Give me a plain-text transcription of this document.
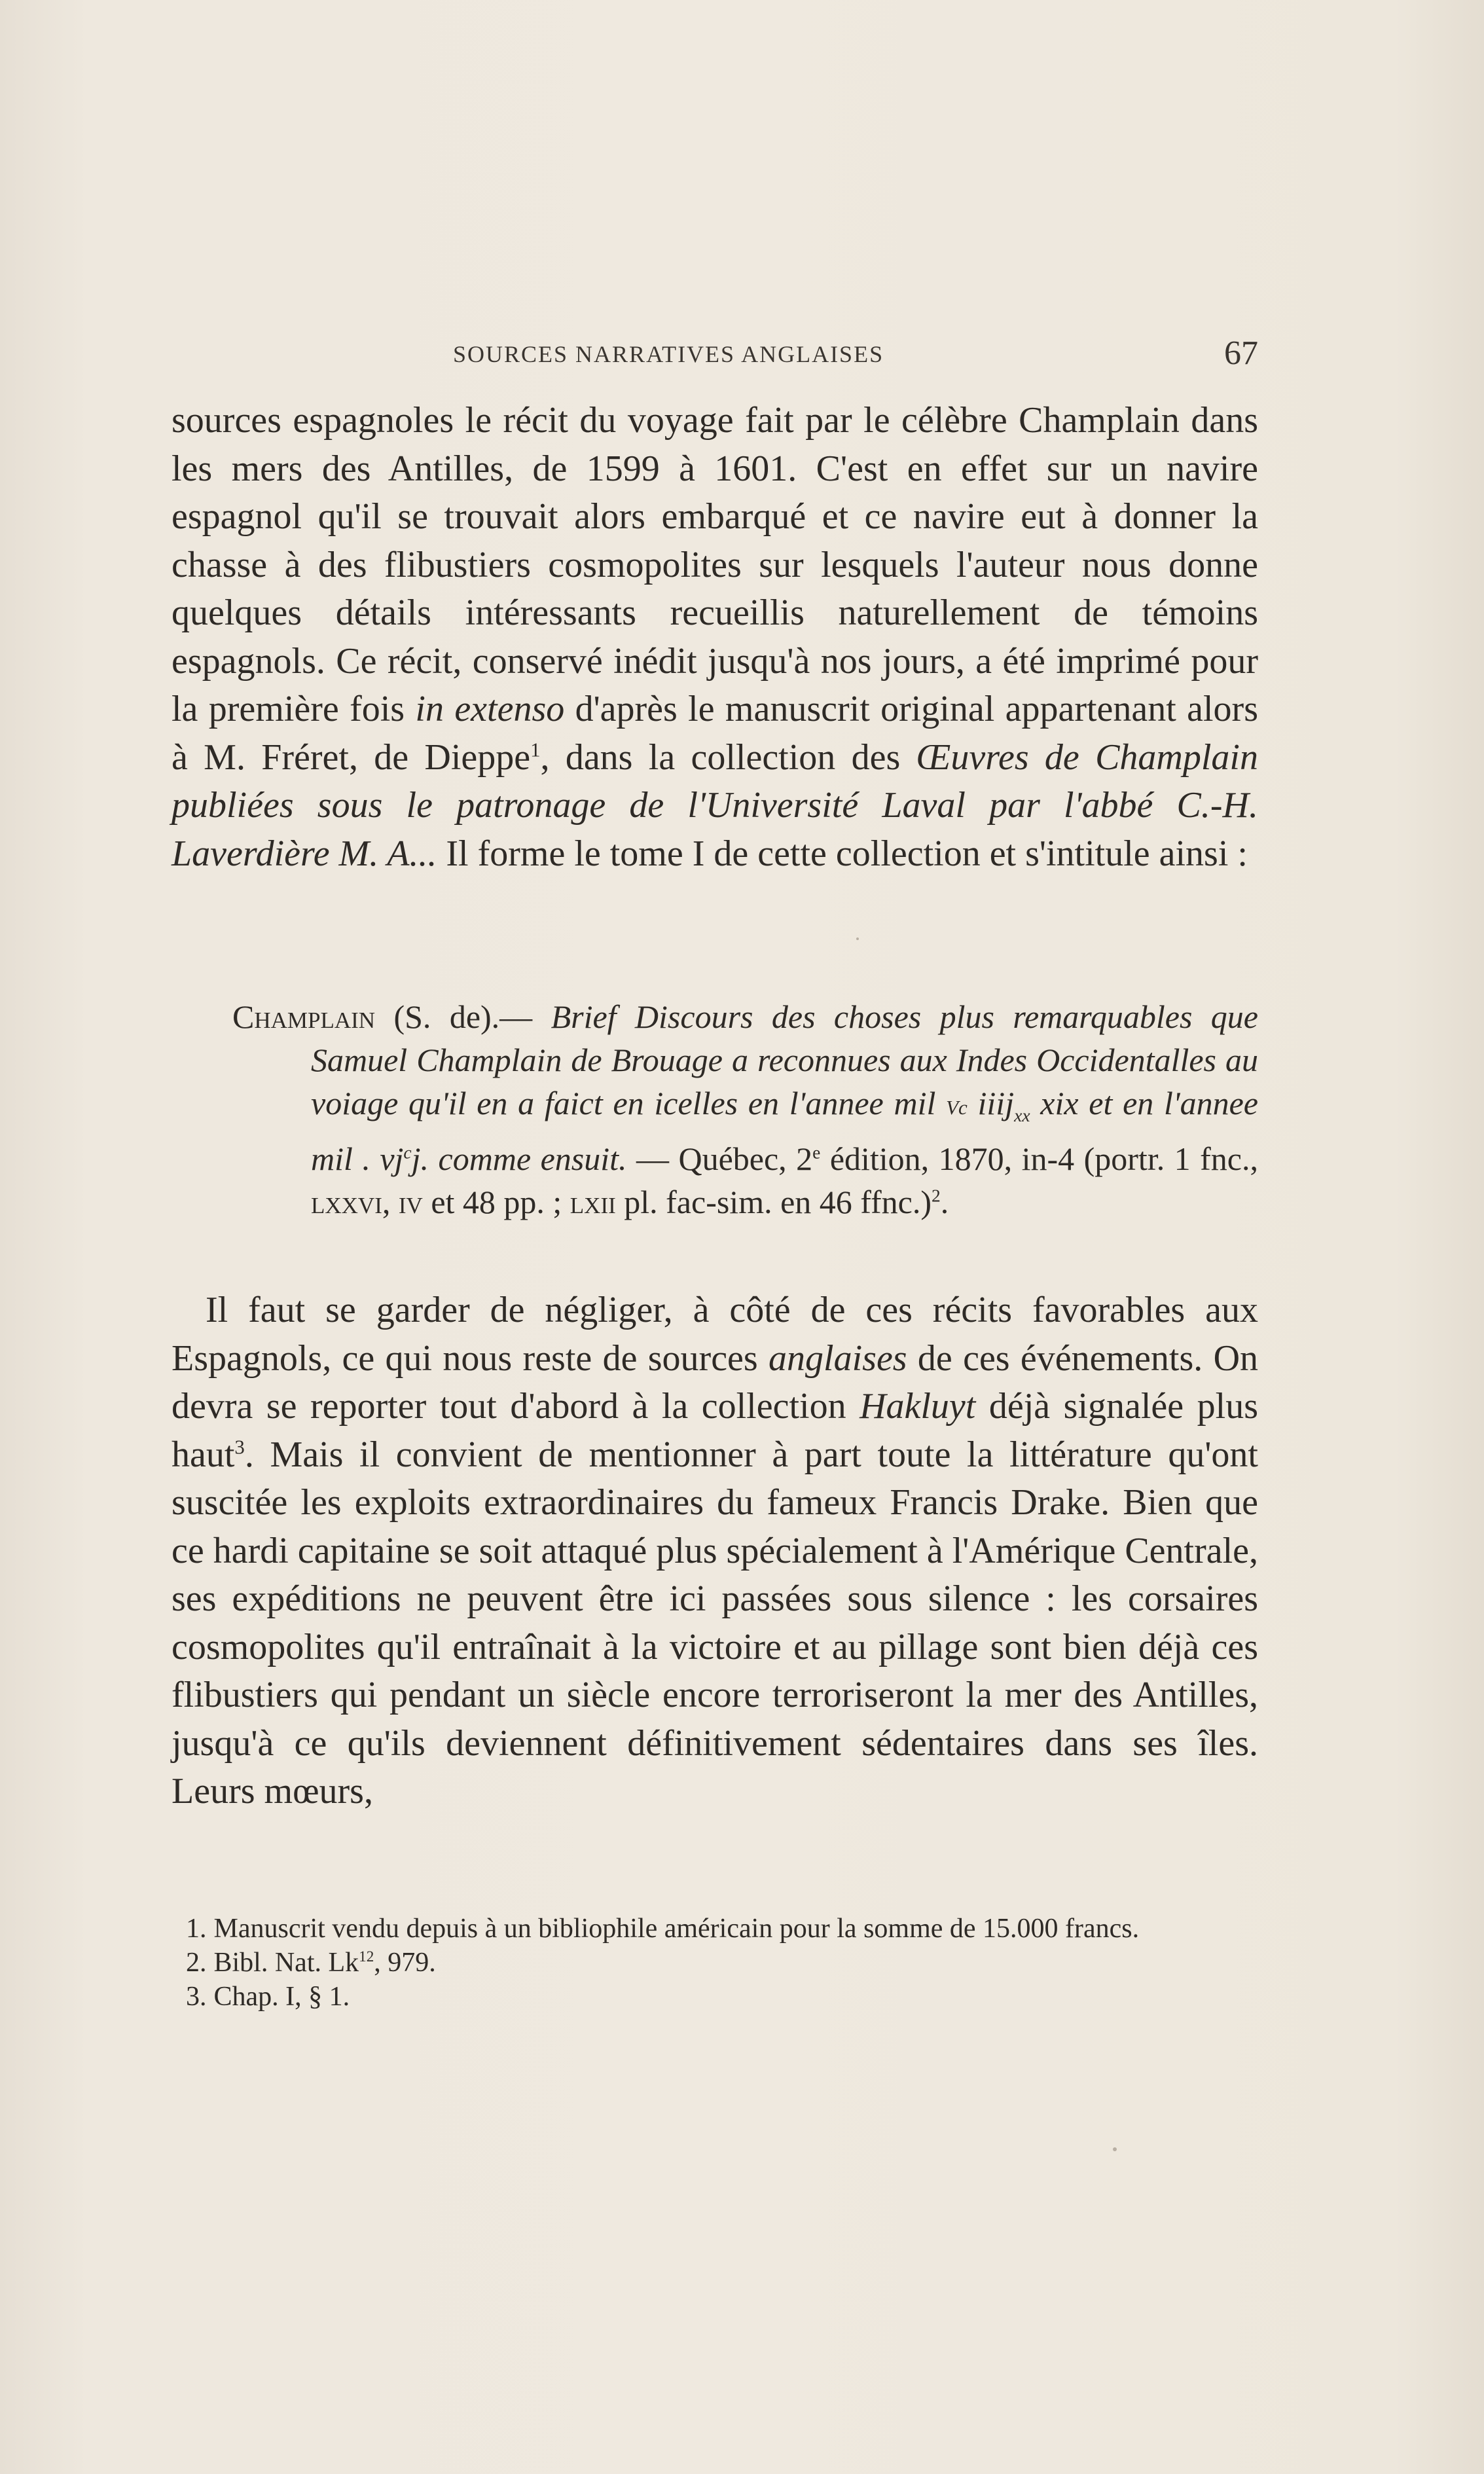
SOURCES NARRATIVES ANGLAISES	67

sources espagnoles le récit du voyage fait par le célèbre Champlain dans les mers des Antilles, de 1599 à 1601. C'est en effet sur un navire espagnol qu'il se trouvait alors embarqué et ce navire eut à donner la chasse à des flibustiers cosmopolites sur lesquels l'auteur nous donne quelques détails intéressants recueillis naturellement de témoins espagnols. Ce récit, conservé inédit jusqu'à nos jours, a été imprimé pour la première fois in extenso d'après le manuscrit original appartenant alors à M. Fréret, de Dieppe$^1$, dans la collection des Œuvres de Champlain publiées sous le patronage de l'Université Laval par l'abbé C.-H. Laverdière M. A... Il forme le tome I de cette collection et s'intitule ainsi :

Champlain (S. de).— Brief Discours des choses plus remarquables que Samuel Champlain de Brouage a reconnues aux Indes Occidentalles au voiage qu'il en a faict en icelles en l'annee mil Vc iiij$_{xx}$ xix et en l'annee mil . $vj^cj$. comme ensuit. — Québec, 2e édition, 1870, in-4 (portr. 1 fnc., lxxvi, iv et 48 pp. ; lxii pl. fac-sim. en 46 ffnc.)$^2$.

Il faut se garder de négliger, à côté de ces récits favorables aux Espagnols, ce qui nous reste de sources anglaises de ces événements. On devra se reporter tout d'abord à la collection Hakluyt déjà signalée plus haut$^3$. Mais il convient de mentionner à part toute la littérature qu'ont suscitée les exploits extraordinaires du fameux Francis Drake. Bien que ce hardi capitaine se soit attaqué plus spécialement à l'Amérique Centrale, ses expéditions ne peuvent être ici passées sous silence : les corsaires cosmopolites qu'il entraînait à la victoire et au pillage sont bien déjà ces flibustiers qui pendant un siècle encore terroriseront la mer des Antilles, jusqu'à ce qu'ils deviennent définitivement sédentaires dans ses îles. Leurs mœurs,

1. Manuscrit vendu depuis à un bibliophile américain pour la somme de 15.000 francs.

2. Bibl. Nat. Lk$^{12}$, 979.

3. Chap. I, § 1.
